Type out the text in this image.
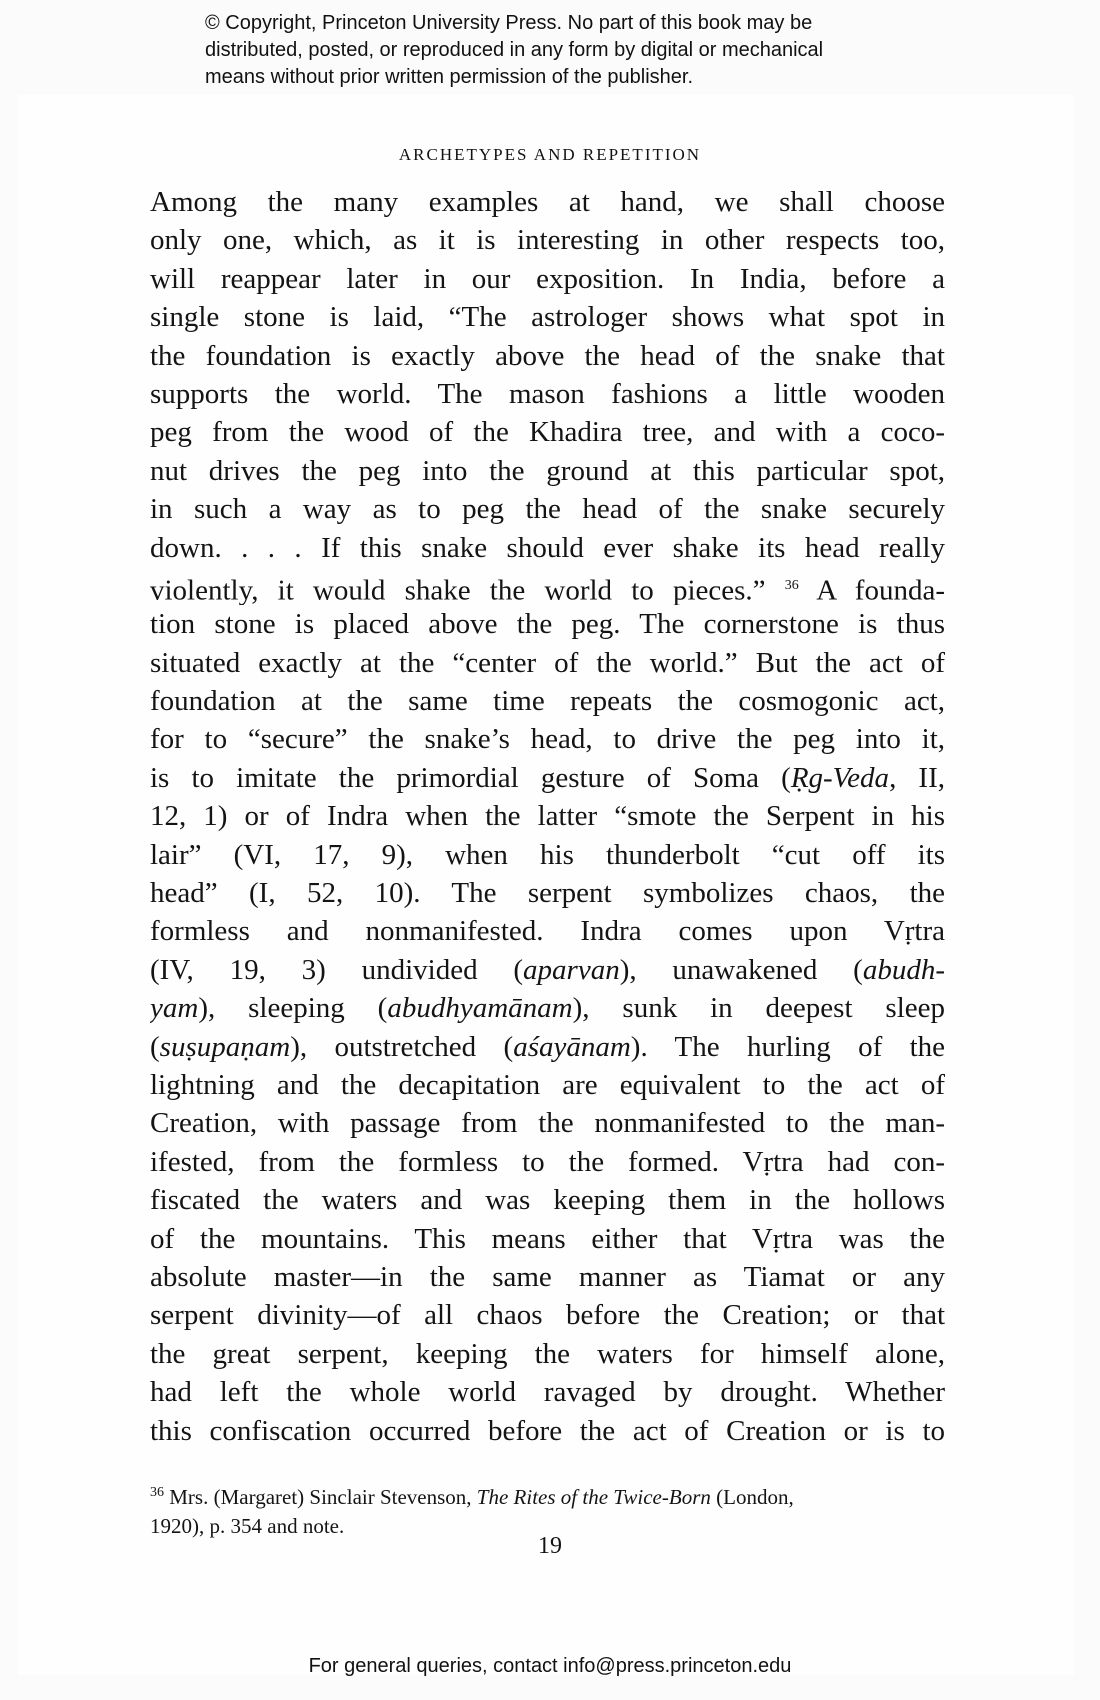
© Copyright, Princeton University Press. No part of this book may be
distributed, posted, or reproduced in any form by digital or mechanical
means without prior written permission of the publisher.
ARCHETYPES AND REPETITION
Among the many examples at hand, we shall choose
only one, which, as it is interesting in other respects too,
will reappear later in our exposition. In India, before a
single stone is laid, “The astrologer shows what spot in
the foundation is exactly above the head of the snake that
supports the world. The mason fashions a little wooden
peg from the wood of the Khadira tree, and with a coco-
nut drives the peg into the ground at this particular spot,
in such a way as to peg the head of the snake securely
down. . . . If this snake should ever shake its head really
violently, it would shake the world to pieces.” $^{36}$ A founda-
tion stone is placed above the peg. The cornerstone is thus
situated exactly at the “center of the world.” But the act of
foundation at the same time repeats the cosmogonic act,
for to “secure” the snake’s head, to drive the peg into it,
is to imitate the primordial gesture of Soma (Ṛg-Veda, II,
12, 1) or of Indra when the latter “smote the Serpent in his
lair” (VI, 17, 9), when his thunderbolt “cut off its
head” (I, 52, 10). The serpent symbolizes chaos, the
formless and nonmanifested. Indra comes upon Vṛtra
(IV, 19, 3) undivided (aparvan), unawakened (abudh-
yam), sleeping (abudhyamānam), sunk in deepest sleep
(suṣupaṇam), outstretched (aśayānam). The hurling of the
lightning and the decapitation are equivalent to the act of
Creation, with passage from the nonmanifested to the man-
ifested, from the formless to the formed. Vṛtra had con-
fiscated the waters and was keeping them in the hollows
of the mountains. This means either that Vṛtra was the
absolute master—in the same manner as Tiamat or any
serpent divinity—of all chaos before the Creation; or that
the great serpent, keeping the waters for himself alone,
had left the whole world ravaged by drought. Whether
this confiscation occurred before the act of Creation or is to
$^{36}$ Mrs. (Margaret) Sinclair Stevenson, The Rites of the Twice-Born (London,
1920), p. 354 and note.
19
For general queries, contact info@press.princeton.edu
